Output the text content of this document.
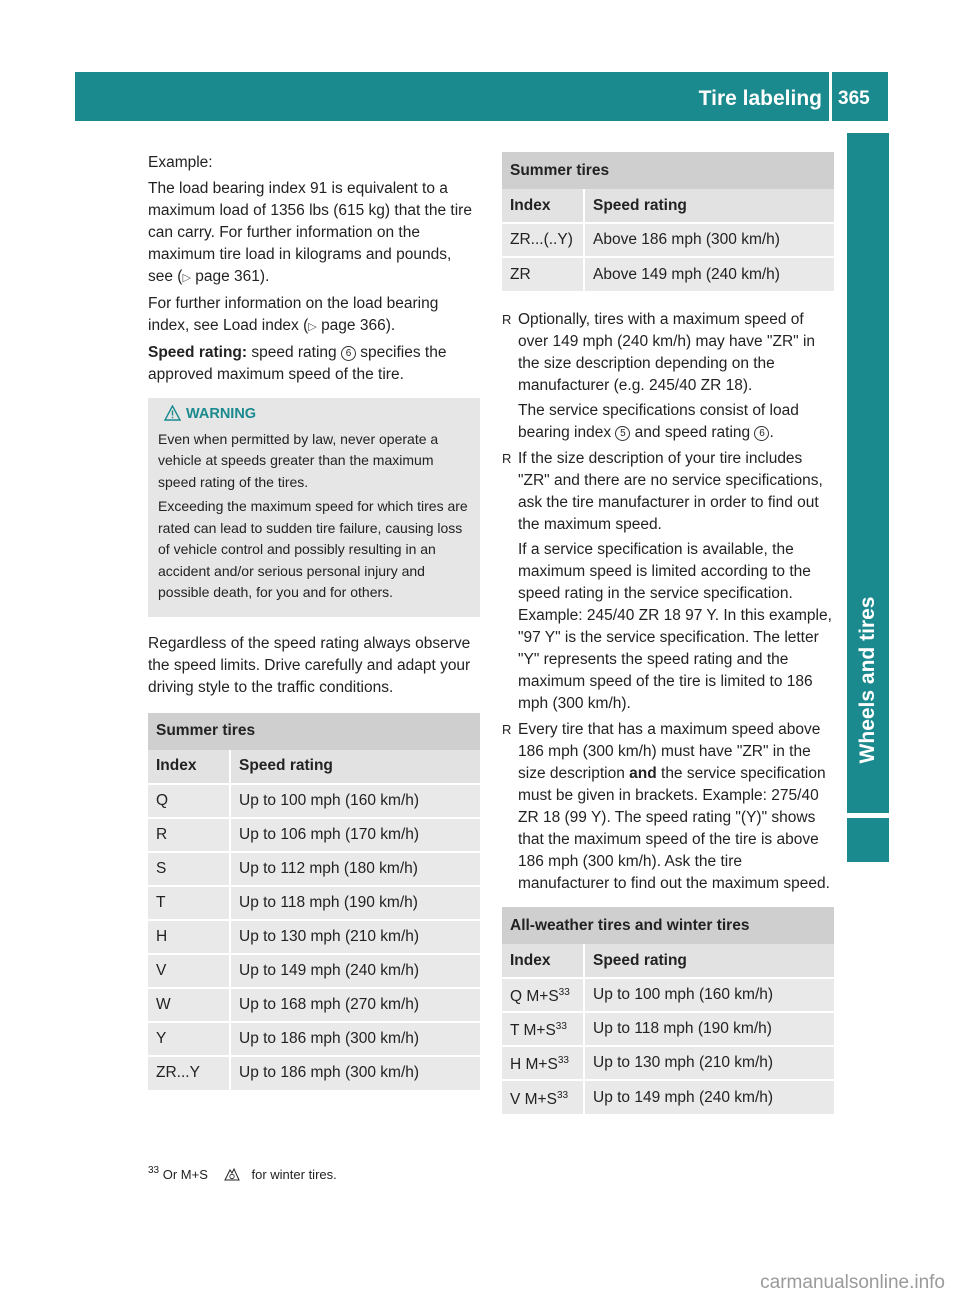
Tire labeling 365
Wheels and tires

Example:

The load bearing index 91 is equivalent to a maximum load of 1356 lbs (615 kg) that the tire can carry. For further information on the maximum tire load in kilograms and pounds, see (▷ page 361).

For further information on the load bearing index, see Load index (▷ page 366).

Speed rating: speed rating 6 specifies the approved maximum speed of the tire.

WARNING

Even when permitted by law, never operate a vehicle at speeds greater than the maximum speed rating of the tires.

Exceeding the maximum speed for which tires are rated can lead to sudden tire failure, causing loss of vehicle control and possibly resulting in an accident and/or serious personal injury and possible death, for you and for others.

Regardless of the speed rating always observe the speed limits. Drive carefully and adapt your driving style to the traffic conditions.

Summer tires	
Index	Speed rating
Q	Up to 100 mph (160 km/h)
R	Up to 106 mph (170 km/h)
S	Up to 112 mph (180 km/h)
T	Up to 118 mph (190 km/h)
H	Up to 130 mph (210 km/h)
V	Up to 149 mph (240 km/h)
W	Up to 168 mph (270 km/h)
Y	Up to 186 mph (300 km/h)
ZR...Y	Up to 186 mph (300 km/h)
Summer tires	
Index	Speed rating
ZR...(..Y)	Above 186 mph (300 km/h)
ZR	Above 149 mph (240 km/h)

R Optionally, tires with a maximum speed of over 149 mph (240 km/h) may have "ZR" in the size description depending on the manufacturer (e.g. 245/40 ZR 18).

The service specifications consist of load bearing index 5 and speed rating 6 .

R If the size description of your tire includes "ZR" and there are no service specifications, ask the tire manufacturer in order to find out the maximum speed.

If a service specification is available, the maximum speed is limited according to the speed rating in the service specification. Example: 245/40 ZR 18 97 Y. In this example, "97 Y" is the service specification. The letter "Y" represents the speed rating and the maximum speed of the tire is limited to 186 mph (300 km/h).

R Every tire that has a maximum speed above 186 mph (300 km/h) must have "ZR" in the size description and the service specification must be given in brackets. Example: 275/40 ZR 18 (99 Y). The speed rating "(Y)" shows that the maximum speed of the tire is above 186 mph (300 km/h). Ask the tire manufacturer to find out the maximum speed.

All-weather tires and winter tires	
Index	Speed rating
Q $M+S^{33}$	Up to 100 mph (160 km/h)
T $M+S^{33}$	Up to 118 mph (190 km/h)
H $M+S^{33}$	Up to 130 mph (210 km/h)
V $M+S^{33}$	Up to 149 mph (240 km/h)
$^{33}$ Or M+S	for winter tires.
carmanualsonline.info
